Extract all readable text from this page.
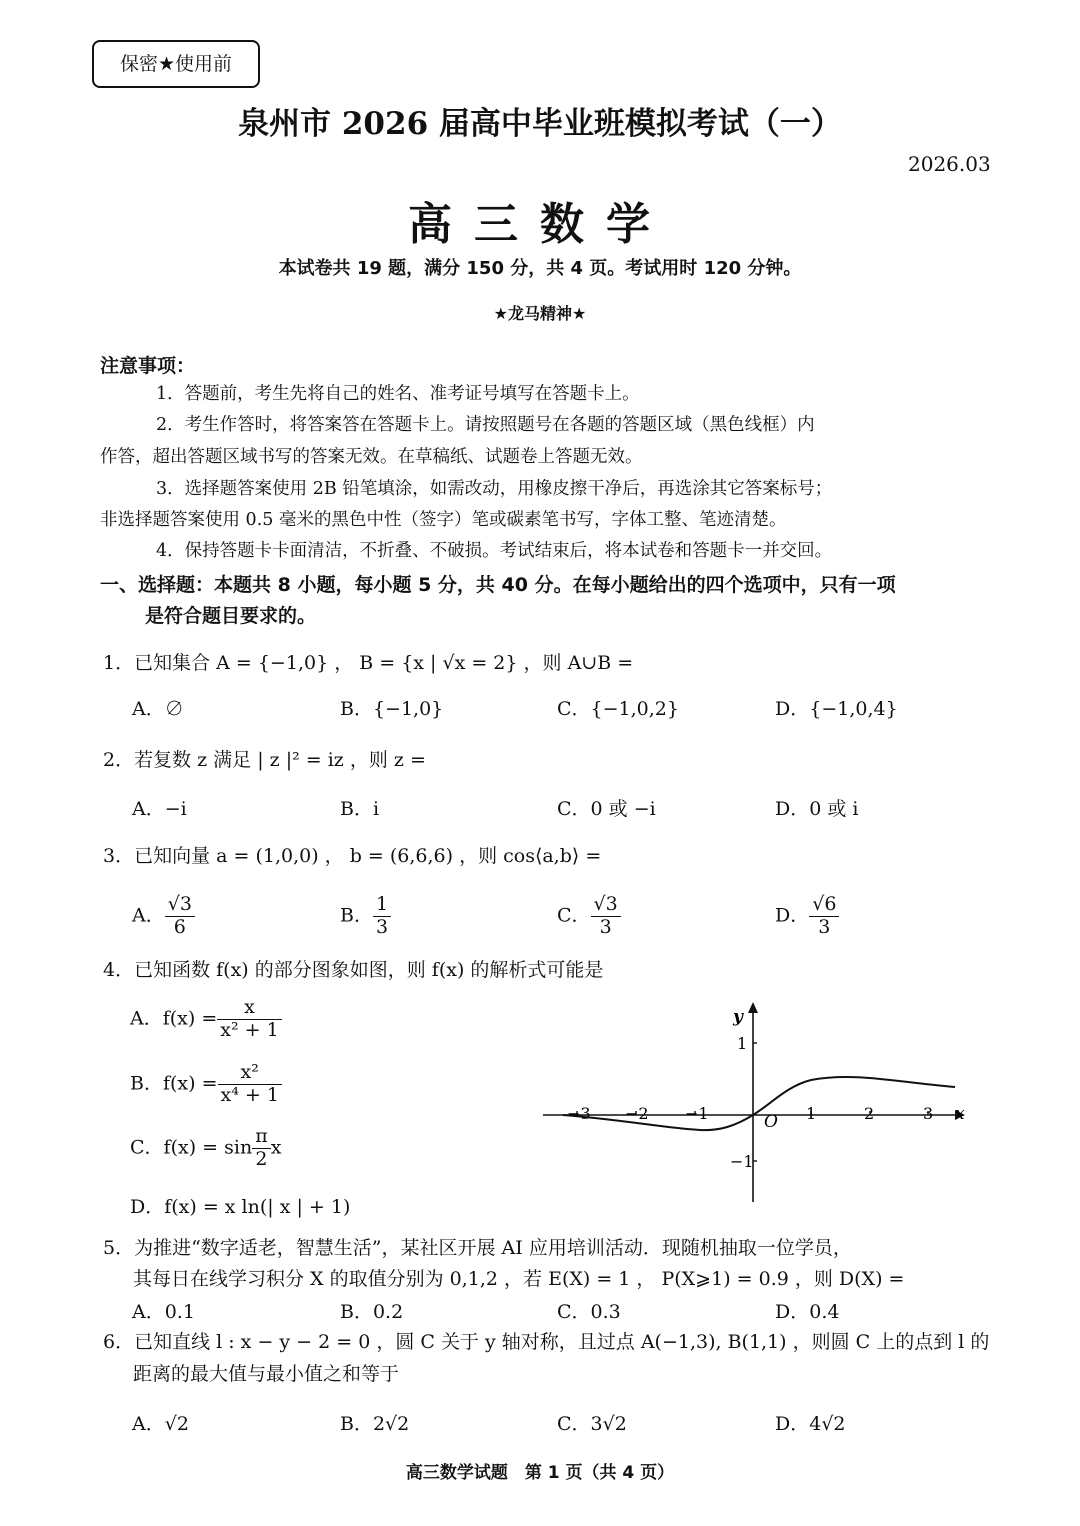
保密★使用前
泉州市 2026 届高中毕业班模拟考试（一）
2026.03
高三数学
本试卷共 19 题，满分 150 分，共 4 页。考试用时 120 分钟。
★龙马精神★
注意事项：
1．答题前，考生先将自己的姓名、准考证号填写在答题卡上。
2．考生作答时，将答案答在答题卡上。请按照题号在各题的答题区域（黑色线框）内
作答，超出答题区域书写的答案无效。在草稿纸、试题卷上答题无效。
3．选择题答案使用 2B 铅笔填涂，如需改动，用橡皮擦干净后，再选涂其它答案标号；
非选择题答案使用 0.5 毫米的黑色中性（签字）笔或碳素笔书写，字体工整、笔迹清楚。
4．保持答题卡卡面清洁，不折叠、不破损。考试结束后，将本试卷和答题卡一并交回。
一、选择题：本题共 8 小题，每小题 5 分，共 40 分。在每小题给出的四个选项中，只有一项
是符合题目要求的。
1．已知集合 A = {−1,0} ， B = {x | √x = 2} ，则 A∪B =
A．∅	B．{−1,0}	C．{−1,0,2}	D．{−1,0,4}
2．若复数 z 满足 | z |² = iz ，则 z =
A．−i	B．i	C．0 或 −i	D．0 或 i
3．已知向量 a = (1,0,0) ， b = (6,6,6) ，则 cos⟨a,b⟩ =
A． $\frac{√3}{6}$	B． $\frac{1}{3}$	C． $\frac{√3}{3}$	D． $\frac{√6}{3}$
4．已知函数 f(x) 的部分图象如图，则 f(x) 的解析式可能是
A．$f(x) = \frac{x}{\text{x² + 1}}$
B．$f(x) = \frac{\text{x²}}{\text{x⁴ + 1}}$
C．$f(x) = \sin \frac{\pi}{2}$ x
D．f(x) = x ln(| x | + 1)
−3 −2 −1	1	2	3 x
y
1
−1
O
5．为推进“数字适老，智慧生活”，某社区开展 AI 应用培训活动．现随机抽取一位学员，
其每日在线学习积分 X 的取值分别为 0,1,2 ，若 E(X) = 1 ， P(X⩾1) = 0.9 ，则 D(X) =
A．0.1	B．0.2	C．0.3	D．0.4
6．已知直线 l : x − y − 2 = 0 ，圆 C 关于 y 轴对称，且过点 A(−1,3), B(1,1) ，则圆 C 上的点到 l 的
距离的最大值与最小值之和等于
A．√2	B．2√2	C．3√2	D．4√2
高三数学试题　第 1 页（共 4 页）
